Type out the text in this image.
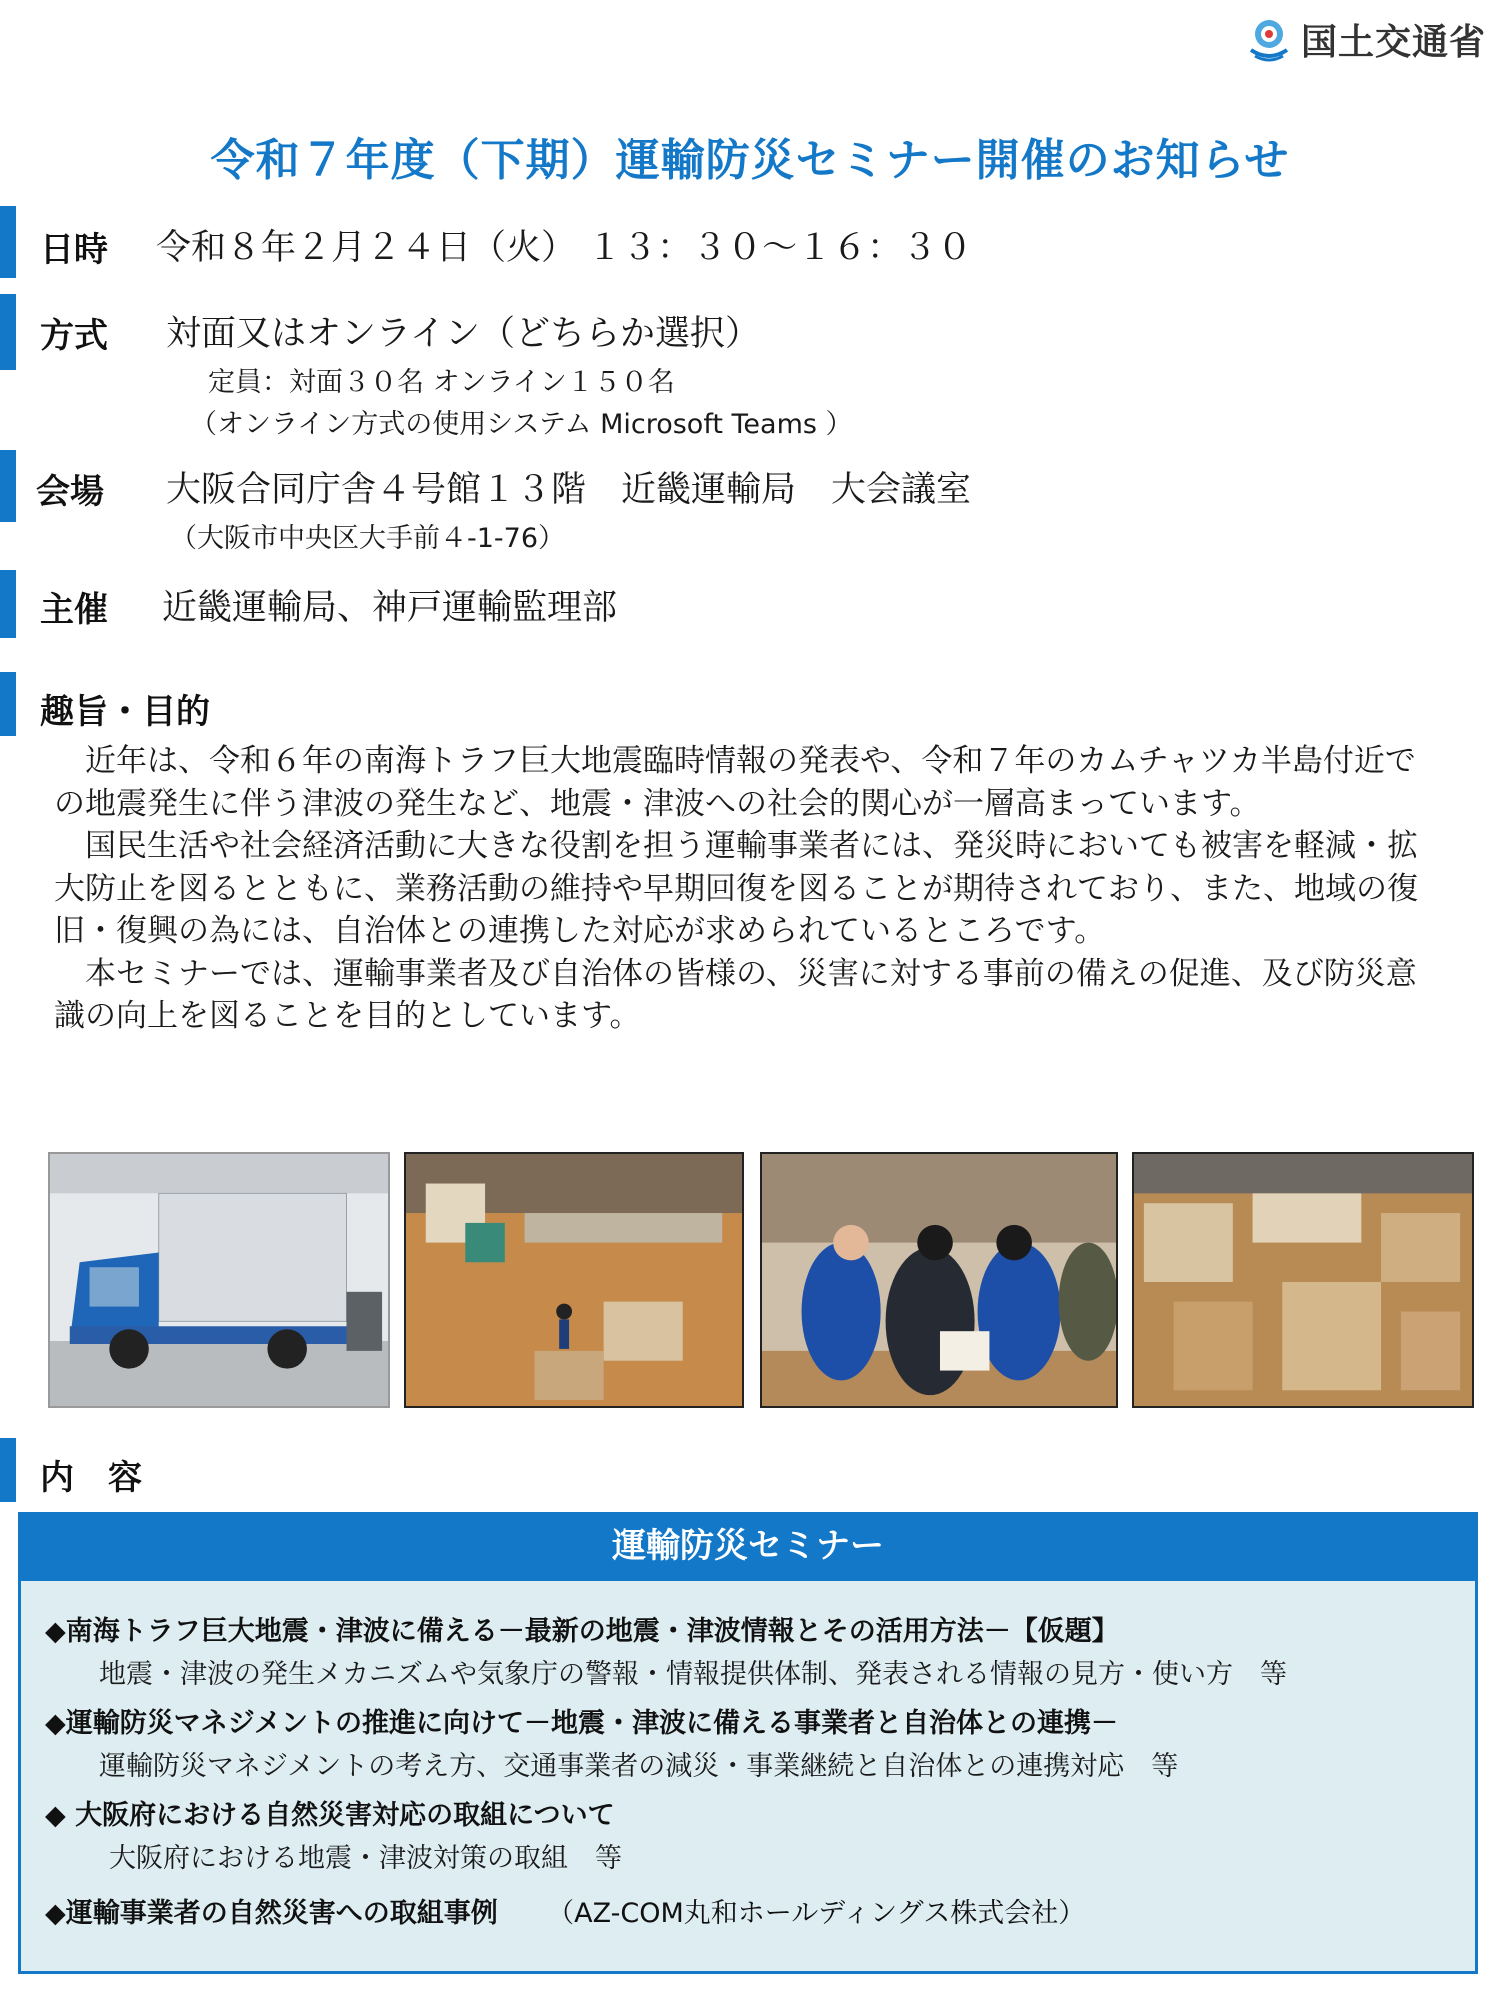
国土交通省
令和７年度（下期）運輸防災セミナー開催のお知らせ
日時 令和８年２月２４日（火） １３：３０～１６：３０
方式 対面又はオンライン（どちらか選択）
定員：対面３０名 オンライン１５０名
（オンライン方式の使用システム Microsoft Teams ）
会場 大阪合同庁舎４号館１３階　近畿運輸局　大会議室
（大阪市中央区大手前４-1-76）
主催 近畿運輸局、神戸運輸監理部
趣旨・目的

近年は、令和６年の南海トラフ巨大地震臨時情報の発表や、令和７年のカムチャツカ半島付近での地震発生に伴う津波の発生など、地震・津波への社会的関心が一層高まっています。

国民生活や社会経済活動に大きな役割を担う運輸事業者には、発災時においても被害を軽減・拡大防止を図るとともに、業務活動の維持や早期回復を図ることが期待されており、また、地域の復旧・復興の為には、自治体との連携した対応が求められているところです。

本セミナーでは、運輸事業者及び自治体の皆様の、災害に対する事前の備えの促進、及び防災意識の向上を図ることを目的としています。

内　容
運輸防災セミナー
◆南海トラフ巨大地震・津波に備える－最新の地震・津波情報とその活用方法－【仮題】
地震・津波の発生メカニズムや気象庁の警報・情報提供体制、発表される情報の見方・使い方　等
◆運輸防災マネジメントの推進に向けて－地震・津波に備える事業者と自治体との連携－
運輸防災マネジメントの考え方、交通事業者の減災・事業継続と自治体との連携対応　等
◆ 大阪府における自然災害対応の取組について
大阪府における地震・津波対策の取組　等
◆運輸事業者の自然災害への取組事例 （AZ-COM丸和ホールディングス株式会社）
